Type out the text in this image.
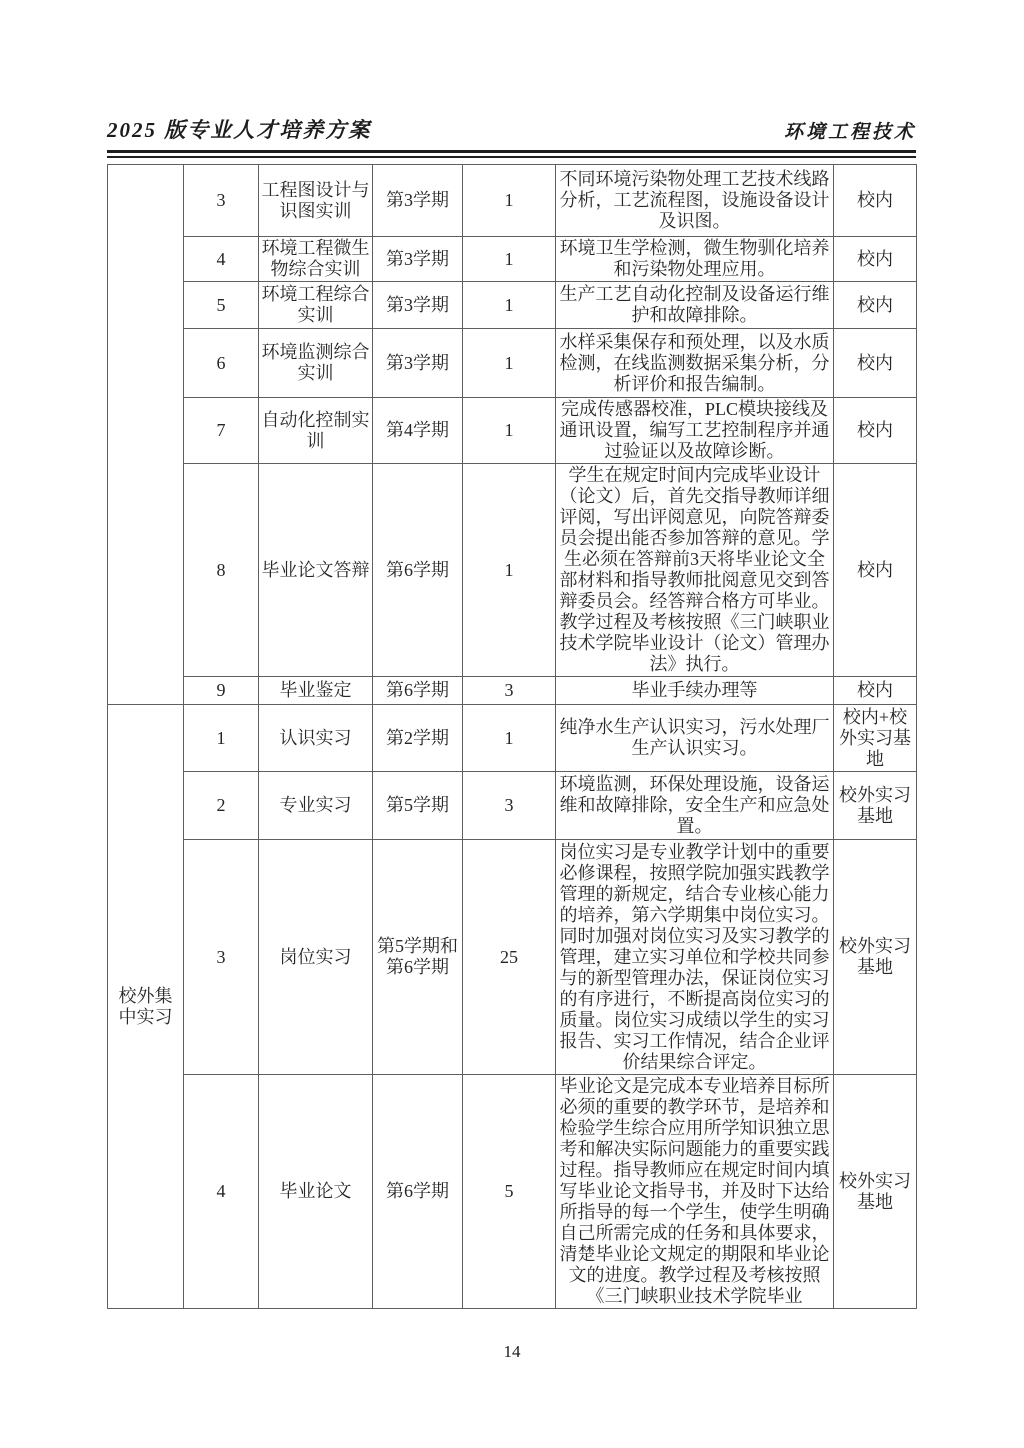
2025 版专业人才培养方案	环境工程技术
	3	工程图设计与识图实训	第3学期	1	不同环境污染物处理工艺技术线路分析，工艺流程图，设施设备设计及识图。	校内
	4	环境工程微生物综合实训	第3学期	1	环境卫生学检测，微生物驯化培养和污染物处理应用。	校内
	5	环境工程综合实训	第3学期	1	生产工艺自动化控制及设备运行维护和故障排除。	校内
	6	环境监测综合实训	第3学期	1	水样采集保存和预处理，以及水质检测，在线监测数据采集分析，分析评价和报告编制。	校内
	7	自动化控制实训	第4学期	1	完成传感器校准，PLC模块接线及通讯设置，编写工艺控制程序并通过验证以及故障诊断。	校内
	8	毕业论文答辩	第6学期	1	学生在规定时间内完成毕业设计（论文）后，首先交指导教师详细评阅，写出评阅意见，向院答辩委员会提出能否参加答辩的意见。学生必须在答辩前3天将毕业论文全部材料和指导教师批阅意见交到答辩委员会。经答辩合格方可毕业。教学过程及考核按照《三门峡职业技术学院毕业设计（论文）管理办法》执行。	校内
	9	毕业鉴定	第6学期	3	毕业手续办理等	校内
校外集中实习	1	认识实习	第2学期	1	纯净水生产认识实习，污水处理厂生产认识实习。	校内+校外实习基地
	2	专业实习	第5学期	3	环境监测，环保处理设施，设备运维和故障排除，安全生产和应急处置。	校外实习基地
	3	岗位实习	第5学期和第6学期	25	岗位实习是专业教学计划中的重要必修课程，按照学院加强实践教学管理的新规定，结合专业核心能力的培养，第六学期集中岗位实习。同时加强对岗位实习及实习教学的管理，建立实习单位和学校共同参与的新型管理办法，保证岗位实习的有序进行，不断提高岗位实习的质量。岗位实习成绩以学生的实习报告、实习工作情况，结合企业评价结果综合评定。	校外实习基地
	4	毕业论文	第6学期	5	毕业论文是完成本专业培养目标所必须的重要的教学环节，是培养和检验学生综合应用所学知识独立思考和解决实际问题能力的重要实践过程。指导教师应在规定时间内填写毕业论文指导书，并及时下达给所指导的每一个学生，使学生明确自己所需完成的任务和具体要求，清楚毕业论文规定的期限和毕业论文的进度。教学过程及考核按照《三门峡职业技术学院毕业	校外实习基地
14
